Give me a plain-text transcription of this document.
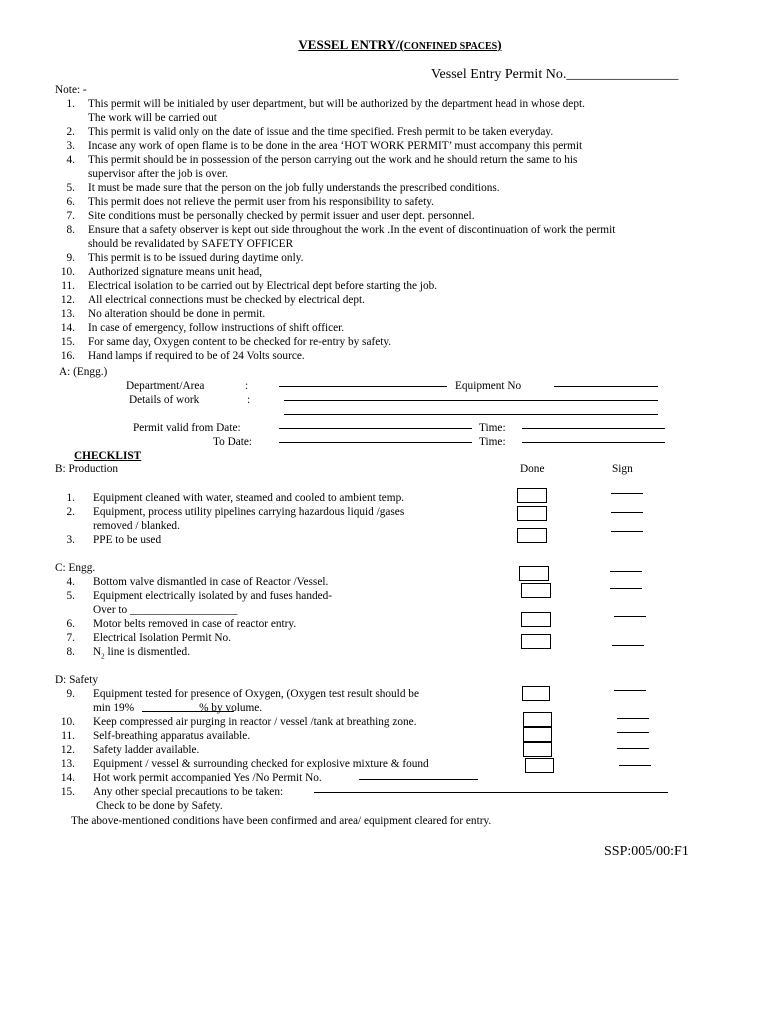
VESSEL ENTRY/(CONFINED SPACES)
Vessel Entry Permit No.________________
Note: -
1. This permit will be initialed by user department, but will be authorized by the department head in whose dept.
The work will be carried out
2. This permit is valid only on the date of issue and the time specified. Fresh permit to be taken everyday.
3. Incase any work of open flame is to be done in the area ‘HOT WORK PERMIT’ must accompany this permit
4. This permit should be in possession of the person carrying out the work and he should return the same to his
supervisor after the job is over.
5. It must be made sure that the person on the job fully understands the prescribed conditions.
6. This permit does not relieve the permit user from his responsibility to safety.
7. Site conditions must be personally checked by permit issuer and user dept. personnel.
8. Ensure that a safety observer is kept out side throughout the work .In the event of discontinuation of work the permit
should be revalidated by SAFETY OFFICER
9. This permit is to be issued during daytime only.
10. Authorized signature means unit head,
11. Electrical isolation to be carried out by Electrical dept before starting the job.
12. All electrical connections must be checked by electrical dept.
13. No alteration should be done in permit.
14. In case of emergency, follow instructions of shift officer.
15. For same day, Oxygen content to be checked for re-entry by safety.
16. Hand lamps if required to be of 24 Volts source.
A: (Engg.)
Department/Area	:	Equipment No
Details of work	:
Permit valid from Date:	Time:
To Date:	Time:
CHECKLIST
B: Production	Done	Sign
1. Equipment cleaned with water, steamed and cooled to ambient temp.
2. Equipment, process utility pipelines carrying hazardous liquid /gases
removed / blanked.
3. PPE to be used
C: Engg.
4. Bottom valve dismantled in case of Reactor /Vessel.
5. Equipment electrically isolated by and fuses handed-
Over to ___________________
6. Motor belts removed in case of reactor entry.
7. Electrical Isolation Permit No.
8. $N_2$ line is dismentled.
D: Safety
9. Equipment tested for presence of Oxygen, (Oxygen test result should be
min 19%                       % by volume.
10. Keep compressed air purging in reactor / vessel /tank at breathing zone.
11. Self-breathing apparatus available.
12. Safety ladder available.
13. Equipment / vessel & surrounding checked for explosive mixture & found
14. Hot work permit accompanied Yes /No Permit No.
15. Any other special precautions to be taken:
Check to be done by Safety.
The above-mentioned conditions have been confirmed and area/ equipment cleared for entry.
SSP:005/00:F1
